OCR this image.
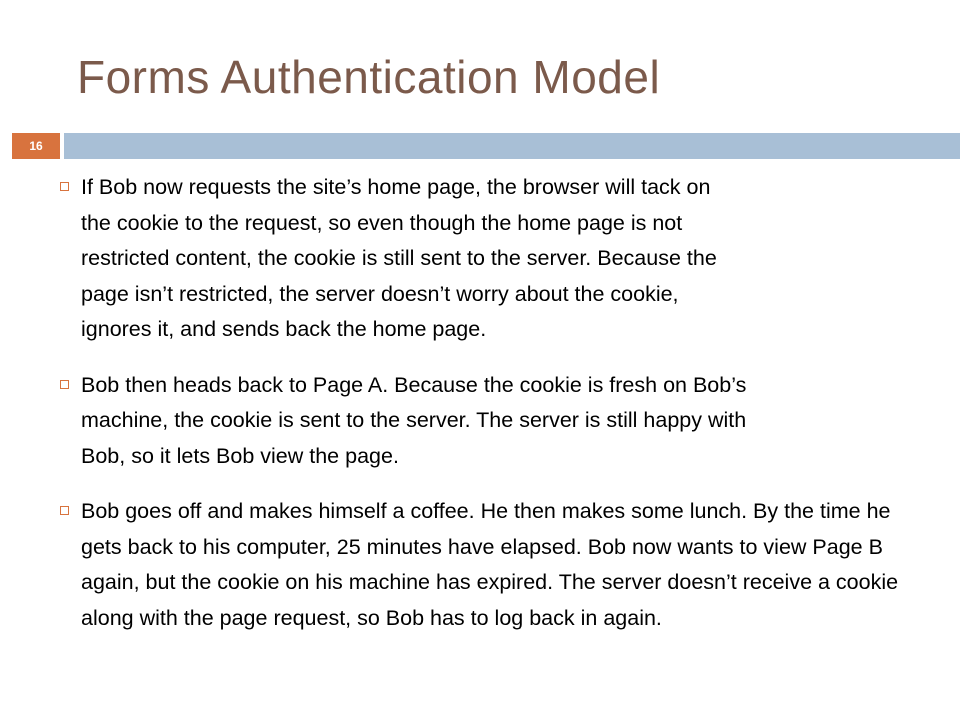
Forms Authentication Model
16
If Bob now requests the site’s home page, the browser will tack on the cookie to the request, so even though the home page is not restricted content, the cookie is still sent to the server. Because the page isn’t restricted, the server doesn’t worry about the cookie, ignores it, and sends back the home page.
Bob then heads back to Page A. Because the cookie is fresh on Bob’s machine, the cookie is sent to the server. The server is still happy with Bob, so it lets Bob view the page.
Bob goes off and makes himself a coffee. He then makes some lunch. By the time he gets back to his computer, 25 minutes have elapsed. Bob now wants to view Page B again, but the cookie on his machine has expired. The server doesn’t receive a cookie along with the page request, so Bob has to log back in again.
